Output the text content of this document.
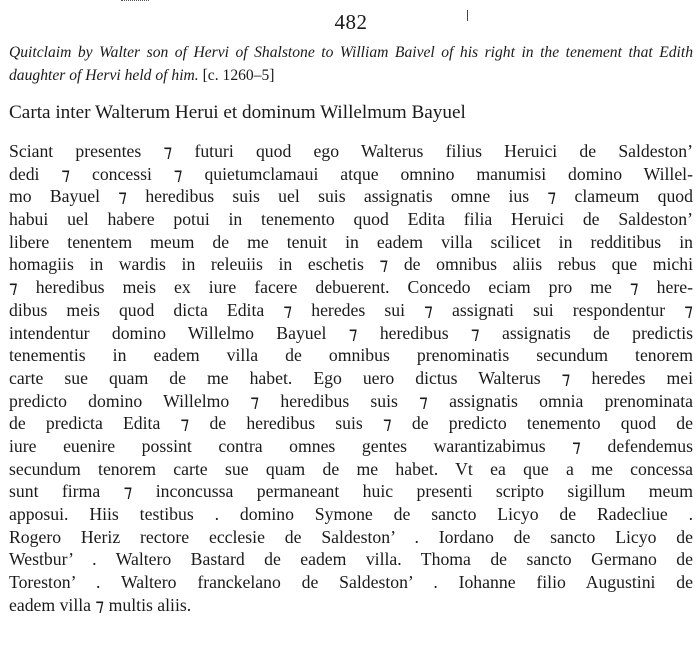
482
Quitclaim by Walter son of Hervi of Shalstone to William Baivel of his right in the tenement that Edith daughter of Hervi held of him. [c. 1260–5]
Carta inter Walterum Herui et dominum Willelmum Bayuel
Sciant presentes ⁊ futuri quod ego Walterus filius Heruici de Saldeston’
dedi ⁊ concessi ⁊ quietumclamaui atque omnino manumisi domino Willel-
mo Bayuel ⁊ heredibus suis uel suis assignatis omne ius ⁊ clameum quod
habui uel habere potui in tenemento quod Edita filia Heruici de Saldeston’
libere tenentem meum de me tenuit in eadem villa scilicet in redditibus in
homagiis in wardis in releuiis in eschetis ⁊ de omnibus aliis rebus que michi
⁊ heredibus meis ex iure facere debuerent. Concedo eciam pro me ⁊ here-
dibus meis quod dicta Edita ⁊ heredes sui ⁊ assignati sui respondentur ⁊
intendentur domino Willelmo Bayuel ⁊ heredibus ⁊ assignatis de predictis
tenementis in eadem villa de omnibus prenominatis secundum tenorem
carte sue quam de me habet. Ego uero dictus Walterus ⁊ heredes mei
predicto domino Willelmo ⁊ heredibus suis ⁊ assignatis omnia prenominata
de predicta Edita ⁊ de heredibus suis ⁊ de predicto tenemento quod de
iure euenire possint contra omnes gentes warantizabimus ⁊ defendemus
secundum tenorem carte sue quam de me habet. Vt ea que a me concessa
sunt firma ⁊ inconcussa permaneant huic presenti scripto sigillum meum
apposui. Hiis testibus . domino Symone de sancto Licyo de Radecliue .
Rogero Heriz rectore ecclesie de Saldeston’ . Iordano de sancto Licyo de
Westbur’ . Waltero Bastard de eadem villa. Thoma de sancto Germano de
Toreston’ . Waltero franckelano de Saldeston’ . Iohanne filio Augustini de
eadem villa ⁊ multis aliis.
